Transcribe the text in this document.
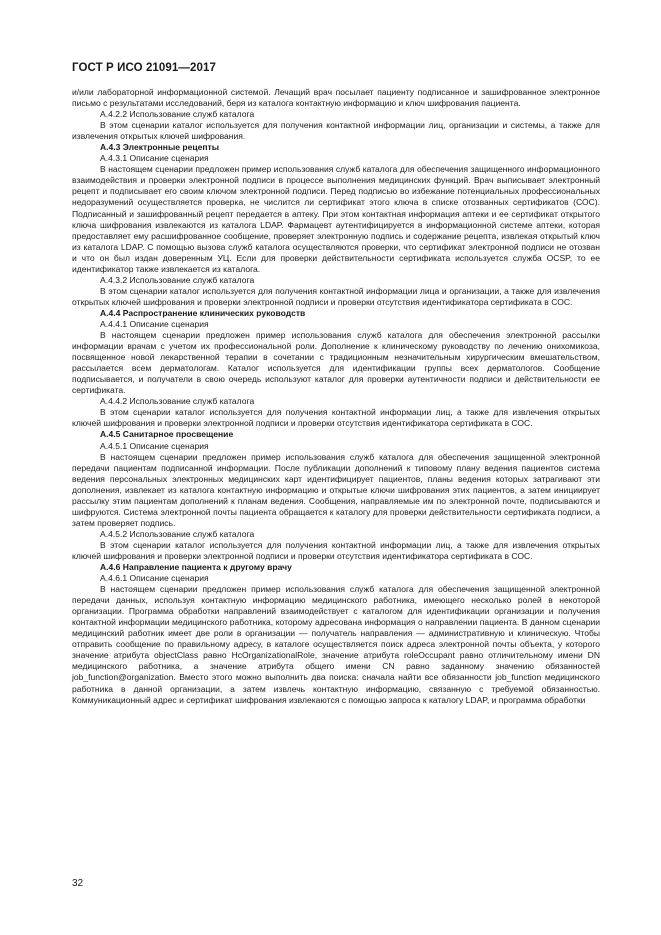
ГОСТ Р ИСО 21091—2017

и/или лабораторной информационной системой. Лечащий врач посылает пациенту подписанное и зашифрованное электронное письмо с результатами исследований, беря из каталога контактную информацию и ключ шифрования пациента.

A.4.2.2 Использование служб каталога

В этом сценарии каталог используется для получения контактной информации лиц, организации и системы, а также для извлечения открытых ключей шифрования.

A.4.3 Электронные рецепты

A.4.3.1 Описание сценария

В настоящем сценарии предложен пример использования служб каталога для обеспечения защищенного информационного взаимодействия и проверки электронной подписи в процессе выполнения медицинских функций. Врач выписывает электронный рецепт и подписывает его своим ключом электронной подписи. Перед подписью во избежание потенциальных профессиональных недоразумений осуществляется проверка, не числится ли сертификат этого ключа в списке отозванных сертификатов (СОС). Подписанный и зашифрованный рецепт передается в аптеку. При этом контактная информация аптеки и ее сертификат открытого ключа шифрования извлекаются из каталога LDAP. Фармацевт аутентифицируется в информационной системе аптеки, которая предоставляет ему расшифрованное сообщение, проверяет электронную подпись и содержание рецепта, извлекая открытый ключ из каталога LDAP. С помощью вызова служб каталога осуществляются проверки, что сертификат электронной подписи не отозван и что он был издан доверенным УЦ. Если для проверки действительности сертификата используется служба OCSP, то ее идентификатор также извлекается из каталога.

A.4.3.2 Использование служб каталога

В этом сценарии каталог используется для получения контактной информации лица и организации, а также для извлечения открытых ключей шифрования и проверки электронной подписи и проверки отсутствия идентификатора сертификата в СОС.

A.4.4 Распространение клинических руководств

A.4.4.1 Описание сценария

В настоящем сценарии предложен пример использования служб каталога для обеспечения электронной рассылки информации врачам с учетом их профессиональной роли. Дополнение к клиническому руководству по лечению онихомикоза, посвященное новой лекарственной терапии в сочетании с традиционным незначительным хирургическим вмешательством, рассылается всем дерматологам. Каталог используется для идентификации группы всех дерматологов. Сообщение подписывается, и получатели в свою очередь используют каталог для проверки аутентичности подписи и действительности ее сертификата.

A.4.4.2 Использование служб каталога

В этом сценарии каталог используется для получения контактной информации лиц, а также для извлечения открытых ключей шифрования и проверки электронной подписи и проверки отсутствия идентификатора сертификата в СОС.

A.4.5 Санитарное просвещение

A.4.5.1 Описание сценария

В настоящем сценарии предложен пример использования служб каталога для обеспечения защищенной электронной передачи пациентам подписанной информации. После публикации дополнений к типовому плану ведения пациентов система ведения персональных электронных медицинских карт идентифицирует пациентов, планы ведения которых затрагивают эти дополнения, извлекает из каталога контактную информацию и открытые ключи шифрования этих пациентов, а затем инициирует рассылку этим пациентам дополнений к планам ведения. Сообщения, направляемые им по электронной почте, подписываются и шифруются. Система электронной почты пациента обращается к каталогу для проверки действительности сертификата подписи, а затем проверяет подпись.

A.4.5.2 Использование служб каталога

В этом сценарии каталог используется для получения контактной информации лиц, а также для извлечения открытых ключей шифрования и проверки электронной подписи и проверки отсутствия идентификатора сертификата в СОС.

A.4.6 Направление пациента к другому врачу

A.4.6.1 Описание сценария

В настоящем сценарии предложен пример использования служб каталога для обеспечения защищенной электронной передачи данных, используя контактную информацию медицинского работника, имеющего несколько ролей в некоторой организации. Программа обработки направлений взаимодействует с каталогом для идентификации организации и получения контактной информации медицинского работника, которому адресована информация о направлении пациента. В данном сценарии медицинский работник имеет две роли в организации — получатель направления — административную и клиническую. Чтобы отправить сообщение по правильному адресу, в каталоге осуществляется поиск адреса электронной почты объекта, у которого значение атрибута objectClass равно HcOrganizationalRole, значение атрибута roleOccupant равно отличительному имени DN медицинского работника, а значение атрибута общего имени CN равно заданному значению обязанностей job_function@organization. Вместо этого можно выполнить два поиска: сначала найти все обязанности job_function медицинского работника в данной организации, а затем извлечь контактную информацию, связанную с требуемой обязанностью. Коммуникационный адрес и сертификат шифрования извлекаются с помощью запроса к каталогу LDAP, и программа обработки

32
